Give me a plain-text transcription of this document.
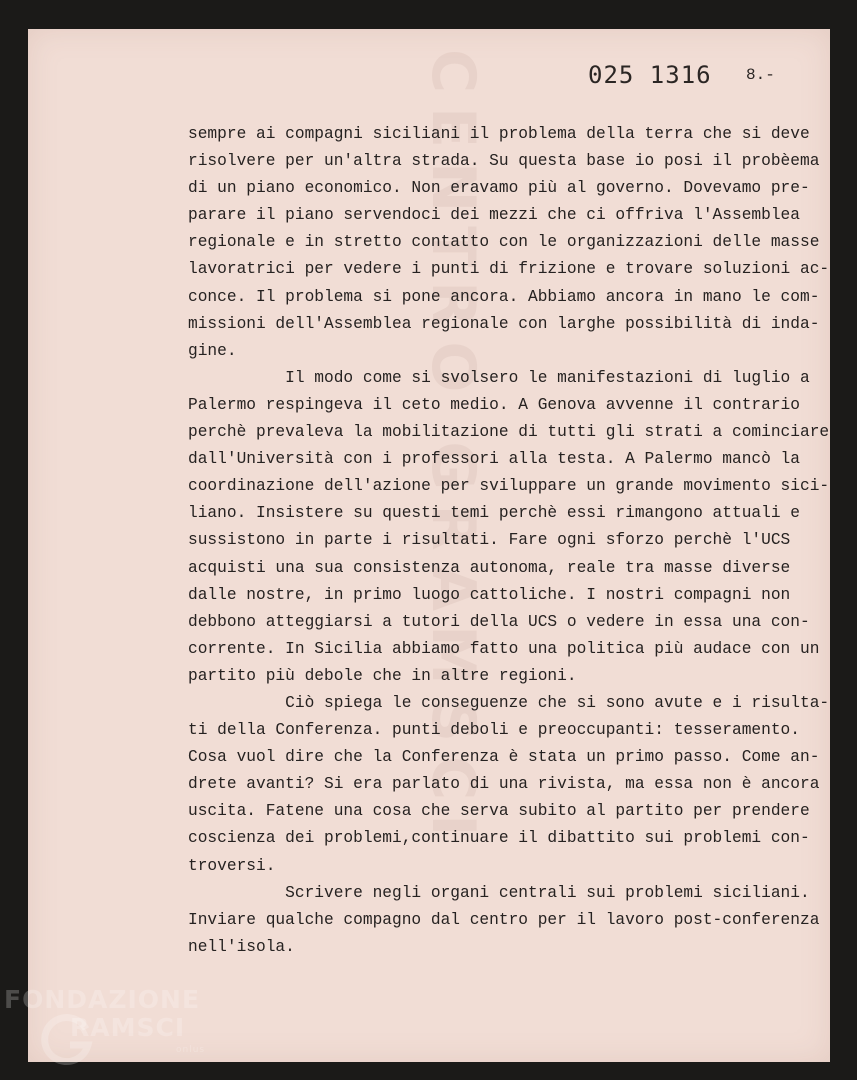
CENTRO GRAMSCI	025 1316 8.-
sempre ai compagni siciliani il problema della terra che si deve
risolvere per un'altra strada. Su questa base io posi il probèema
di un piano economico. Non eravamo più al governo. Dovevamo pre-
parare il piano servendoci dei mezzi che ci offriva l'Assemblea
regionale e in stretto contatto con le organizzazioni delle masse
lavoratrici per vedere i punti di frizione e trovare soluzioni ac-
conce. Il problema si pone ancora. Abbiamo ancora in mano le com-
missioni dell'Assemblea regionale con larghe possibilità di inda-
gine.
Il modo come si svolsero le manifestazioni di luglio a
Palermo respingeva il ceto medio. A Genova avvenne il contrario
perchè prevaleva la mobilitazione di tutti gli strati a cominciare
dall'Università con i professori alla testa. A Palermo mancò la
coordinazione dell'azione per sviluppare un grande movimento sici-
liano. Insistere su questi temi perchè essi rimangono attuali e
sussistono in parte i risultati. Fare ogni sforzo perchè l'UCS
acquisti una sua consistenza autonoma, reale tra masse diverse
dalle nostre, in primo luogo cattoliche. I nostri compagni non
debbono atteggiarsi a tutori della UCS o vedere in essa una con-
corrente. In Sicilia abbiamo fatto una politica più audace con un
partito più debole che in altre regioni.
Ciò spiega le conseguenze che si sono avute e i risulta-
ti della Conferenza. punti deboli e preoccupanti: tesseramento.
Cosa vuol dire che la Conferenza è stata un primo passo. Come an-
drete avanti? Si era parlato di una rivista, ma essa non è ancora
uscita. Fatene una cosa che serva subito al partito per prendere
coscienza dei problemi,continuare il dibattito sui problemi con-
troversi.
Scrivere negli organi centrali sui problemi siciliani.
Inviare qualche compagno dal centro per il lavoro post-conferenza
nell'isola.
FONDAZIONE
RAMSCI
onlus
